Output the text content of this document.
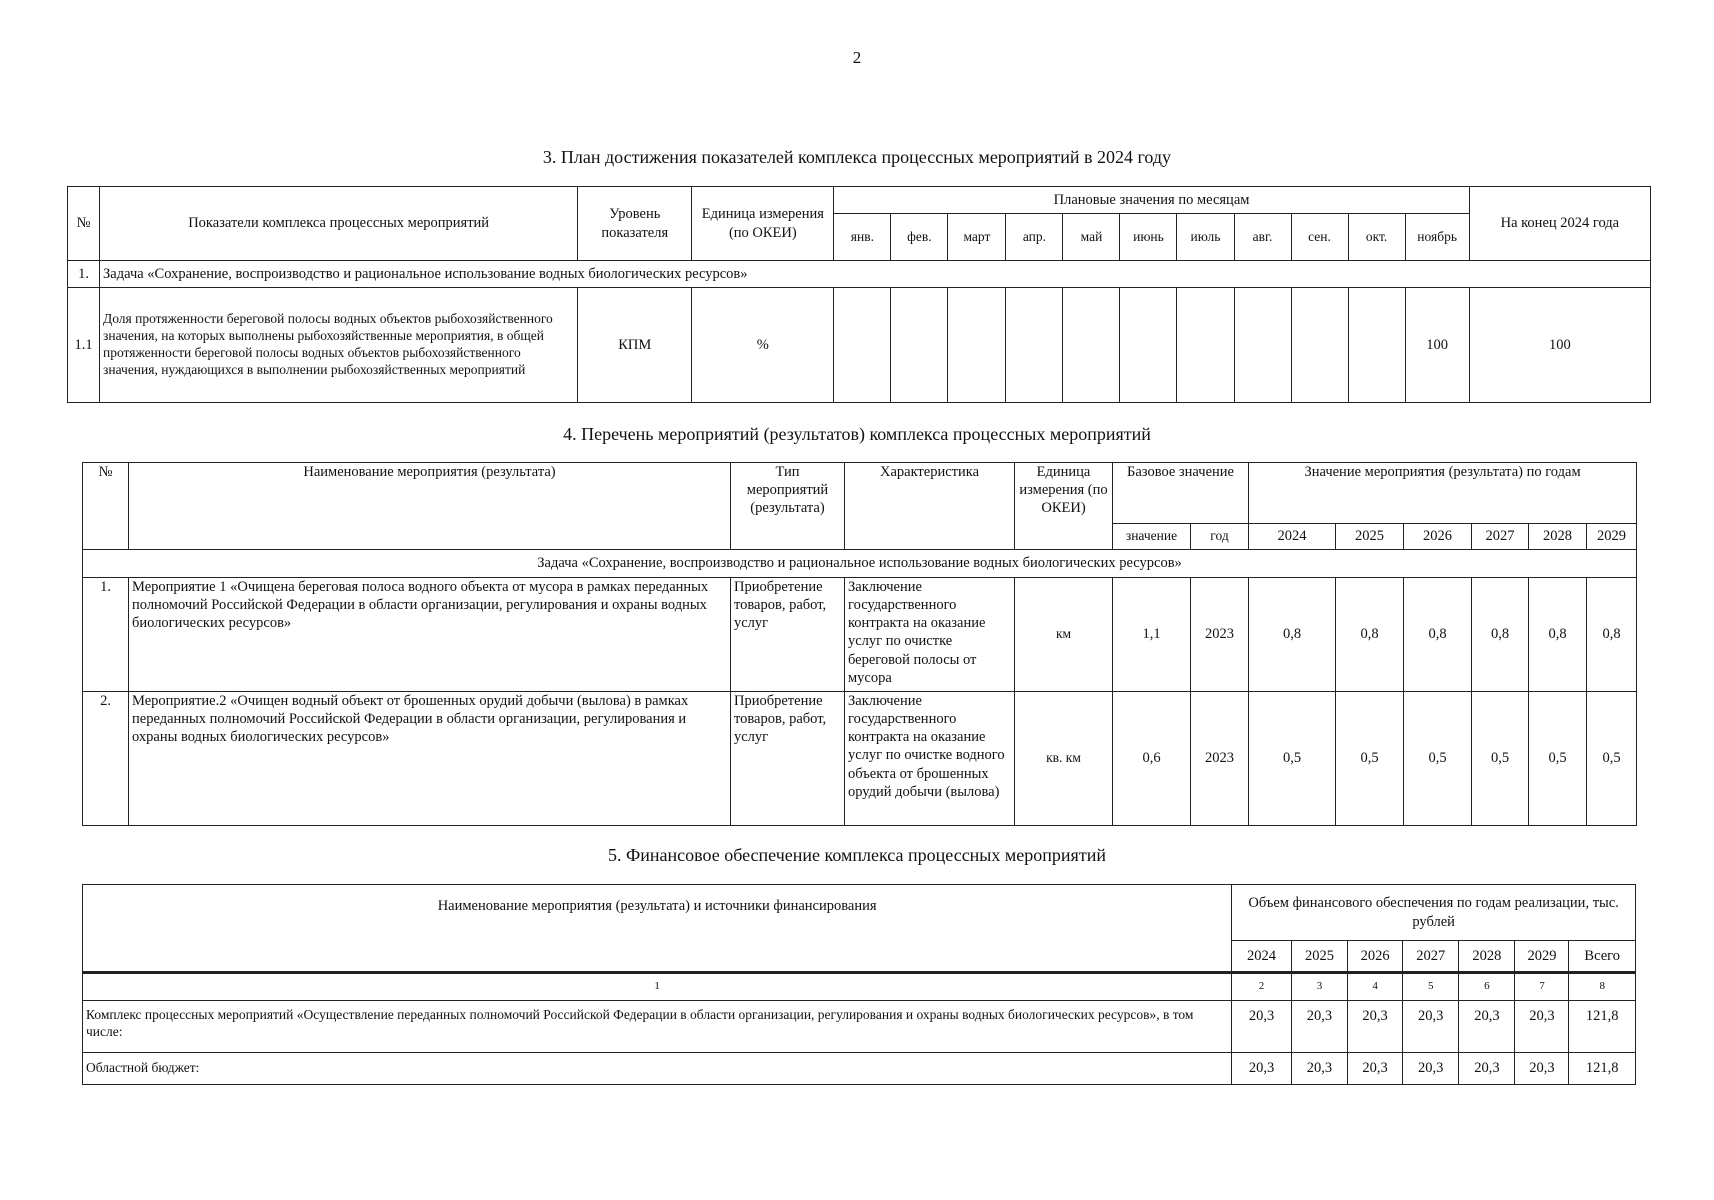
2
3. План достижения показателей комплекса процессных мероприятий в 2024 году
№	Показатели комплекса процессных мероприятий	Уровень показателя	Единица измерения (по ОКЕИ)	Плановые значения по месяцам											На конец 2024 года
				янв.	фев.	март	апр.	май	июнь	июль	авг.	сен.	окт.	ноябрь	
1.	Задача «Сохранение, воспроизводство и рациональное использование водных биологических ресурсов»														
1.1	Доля протяженности береговой полосы водных объектов рыбохозяйственного значения, на которых выполнены рыбохозяйственные мероприятия, в общей протяженности береговой полосы водных объектов рыбохозяйственного значения, нуждающихся в выполнении рыбохозяйственных мероприятий	КПМ	%											100	100
4. Перечень мероприятий (результатов) комплекса процессных мероприятий
№	Наименование мероприятия (результата)	Тип мероприятий (результата)	Характеристика	Единица измерения (по ОКЕИ)	Базовое значение		Значение мероприятия (результата) по годам					
					значение	год	2024	2025	2026	2027	2028	2029
Задача «Сохранение, воспроизводство и рациональное использование водных биологических ресурсов»												
1.	Мероприятие 1 «Очищена береговая полоса водного объекта от мусора в рамках переданных полномочий Российской Федерации в области организации, регулирования и охраны водных биологических ресурсов»	Приобретение товаров, работ, услуг	Заключение государственного контракта на оказание услуг по очистке береговой полосы от мусора	км	1,1	2023	0,8	0,8	0,8	0,8	0,8	0,8
2.	Мероприятие.2 «Очищен водный объект от брошенных орудий добычи (вылова) в рамках переданных полномочий Российской Федерации в области организации, регулирования и охраны водных биологических ресурсов»	Приобретение товаров, работ, услуг	Заключение государственного контракта на оказание услуг по очистке водного объекта от брошенных орудий добычи (вылова)	кв. км	0,6	2023	0,5	0,5	0,5	0,5	0,5	0,5
5. Финансовое обеспечение комплекса процессных мероприятий
Наименование мероприятия (результата) и источники финансирования	Объем финансового обеспечения по годам реализации, тыс. рублей						
	2024	2025	2026	2027	2028	2029	Всего
1	2	3	4	5	6	7	8
Комплекс процессных мероприятий «Осуществление переданных полномочий Российской Федерации в области организации, регулирования и охраны водных биологических ресурсов», в том числе:	20,3	20,3	20,3	20,3	20,3	20,3	121,8
Областной бюджет:	20,3	20,3	20,3	20,3	20,3	20,3	121,8
